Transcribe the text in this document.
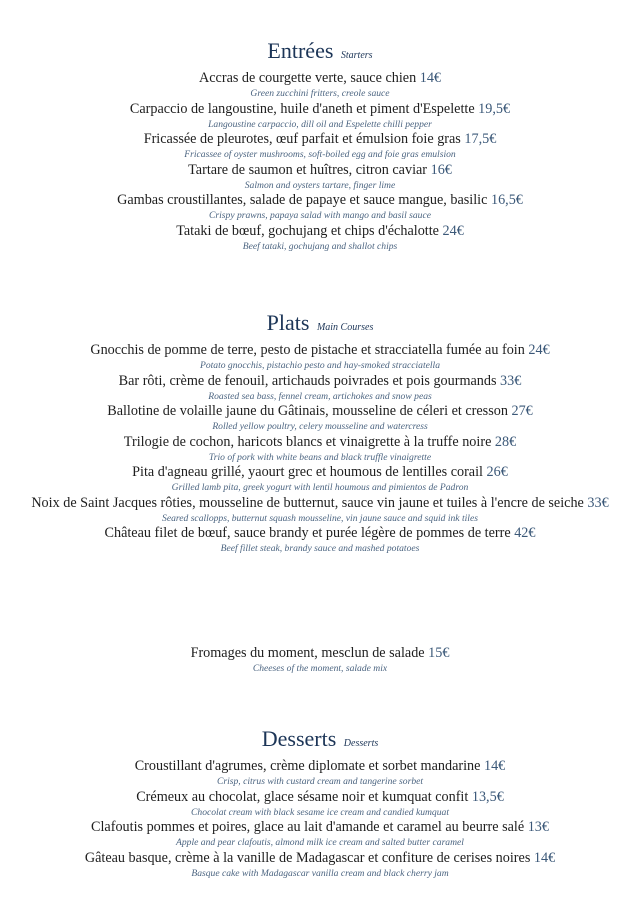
Entrées Starters
Accras de courgette verte, sauce chien 14€
Green zucchini fritters, creole sauce
Carpaccio de langoustine, huile d'aneth et piment d'Espelette 19,5€
Langoustine carpaccio, dill oil and Espelette chilli pepper
Fricassée de pleurotes, œuf parfait et émulsion foie gras 17,5€
Fricassee of oyster mushrooms, soft-boiled egg and foie gras emulsion
Tartare de saumon et huîtres, citron caviar 16€
Salmon and oysters tartare, finger lime
Gambas croustillantes, salade de papaye et sauce mangue, basilic 16,5€
Crispy prawns, papaya salad with mango and basil sauce
Tataki de bœuf, gochujang et chips d'échalotte 24€
Beef tataki, gochujang and shallot chips
Plats Main Courses
Gnocchis de pomme de terre, pesto de pistache et stracciatella fumée au foin 24€
Potato gnocchis, pistachio pesto and hay-smoked stracciatella
Bar rôti, crème de fenouil, artichauds poivrades et pois gourmands 33€
Roasted sea bass, fennel cream, artichokes and snow peas
Ballotine de volaille jaune du Gâtinais, mousseline de céleri et cresson 27€
Rolled yellow poultry, celery mousseline and watercress
Trilogie de cochon, haricots blancs et vinaigrette à la truffe noire 28€
Trio of pork with white beans and black truffle vinaigrette
Pita d'agneau grillé, yaourt grec et houmous de lentilles corail 26€
Grilled lamb pita, greek yogurt with lentil houmous and pimientos de Padron
Noix de Saint Jacques rôties, mousseline de butternut, sauce vin jaune et tuiles à l'encre de seiche 33€
Seared scallopps, butternut squash mousseline, vin jaune sauce and squid ink tiles
Château filet de bœuf, sauce brandy et purée légère de pommes de terre 42€
Beef fillet steak, brandy sauce and mashed potatoes
Fromages du moment, mesclun de salade 15€
Cheeses of the moment, salade mix
Desserts Desserts
Croustillant d'agrumes, crème diplomate et sorbet mandarine 14€
Crisp, citrus with custard cream and tangerine sorbet
Crémeux au chocolat, glace sésame noir et kumquat confit 13,5€
Chocolat cream with black sesame ice cream and candied kumquat
Clafoutis pommes et poires, glace au lait d'amande et caramel au beurre salé 13€
Apple and pear clafoutis, almond milk ice cream and salted butter caramel
Gâteau basque, crème à la vanille de Madagascar et confiture de cerises noires 14€
Basque cake with Madagascar vanilla cream and black cherry jam
